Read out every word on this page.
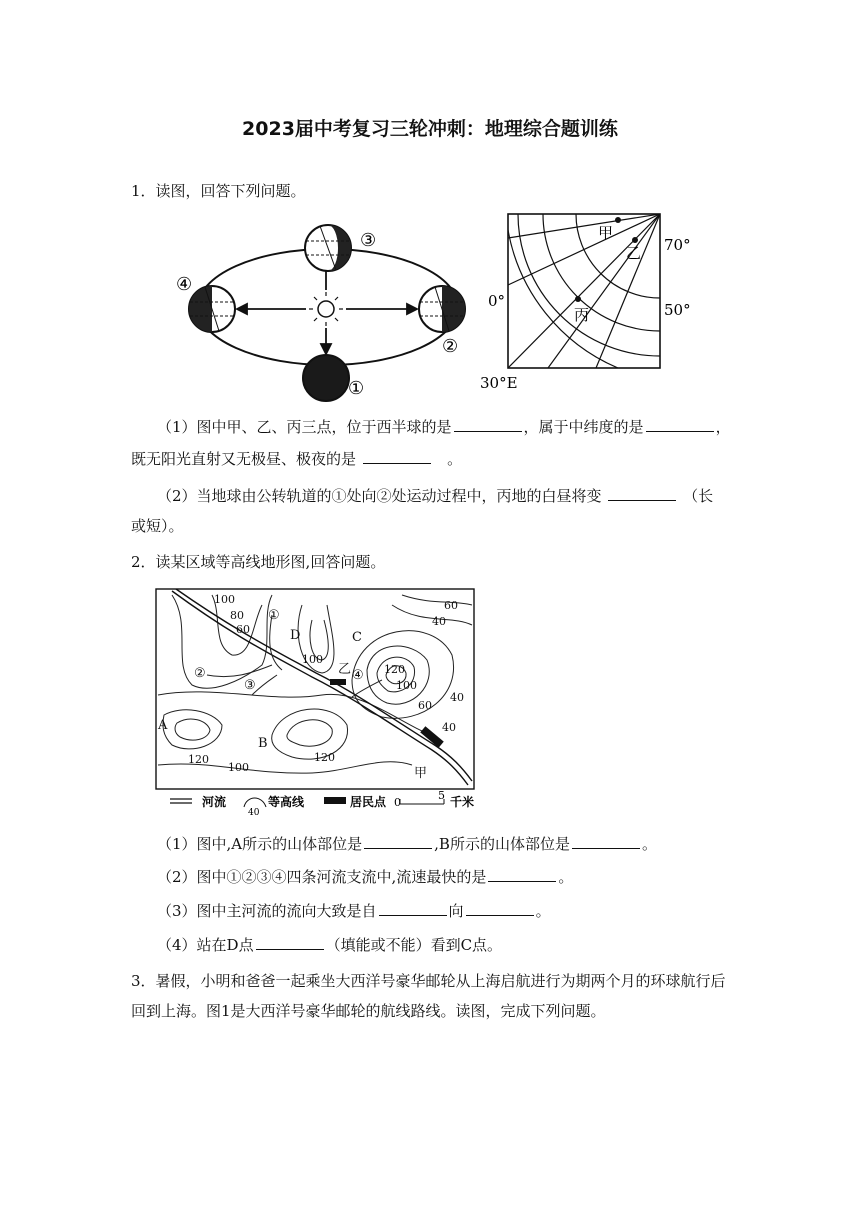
2023届中考复习三轮冲刺：地理综合题训练
1．读图，回答下列问题。
③
④
②
①
甲
乙
丙
70°
50°
0°
30°E
（1）图中甲、乙、丙三点，位于西半球的是	，属于中纬度的是	，
既无阳光直射又无极昼、极夜的是	。
（2）当地球由公转轨道的①处向②处运动过程中，丙地的白昼将变	（长
或短）。
2．读某区域等高线地形图,回答问题。
100
80
60
60
40
40
40
100
120
100
60
120
100
120
A
B
C
D
乙
甲
①
②
③
④
河流
40
等高线	居民点 0
5 千米
（1）图中,A所示的山体部位是	,B所示的山体部位是	。
（2）图中①②③④四条河流支流中,流速最快的是	。
（3）图中主河流的流向大致是自	向	。
（4）站在D点	（填能或不能）看到C点。
3．暑假，小明和爸爸一起乘坐大西洋号豪华邮轮从上海启航进行为期两个月的环球航行后回到上海。图1是大西洋号豪华邮轮的航线路线。读图，完成下列问题。
